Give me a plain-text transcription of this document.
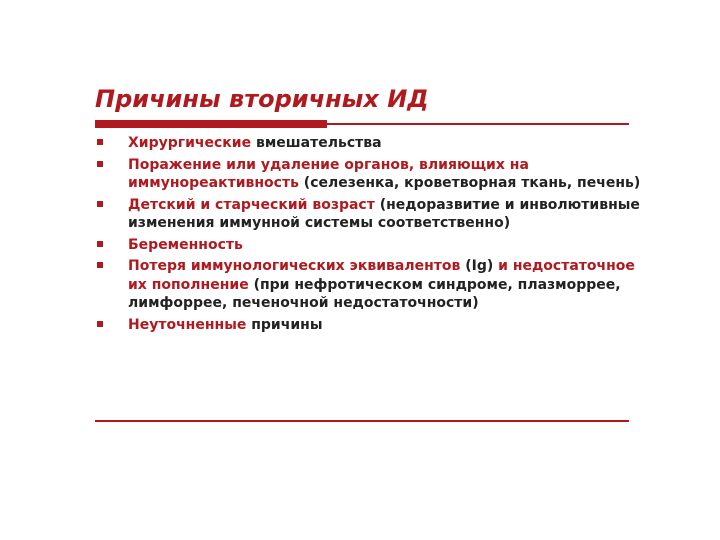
Причины вторичных ИД
Хирургические вмешательства
Поражение или удаление органов, влияющих на иммунореактивность (селезенка, кроветворная ткань, печень)
Детский и старческий возраст (недоразвитие и инволютивные изменения иммунной системы соответственно)
Беременность
Потеря иммунологических эквивалентов (Ig) и недостаточное их пополнение (при нефротическом синдроме, плазморрее, лимфоррее, печеночной недостаточности)
Неуточненные причины
